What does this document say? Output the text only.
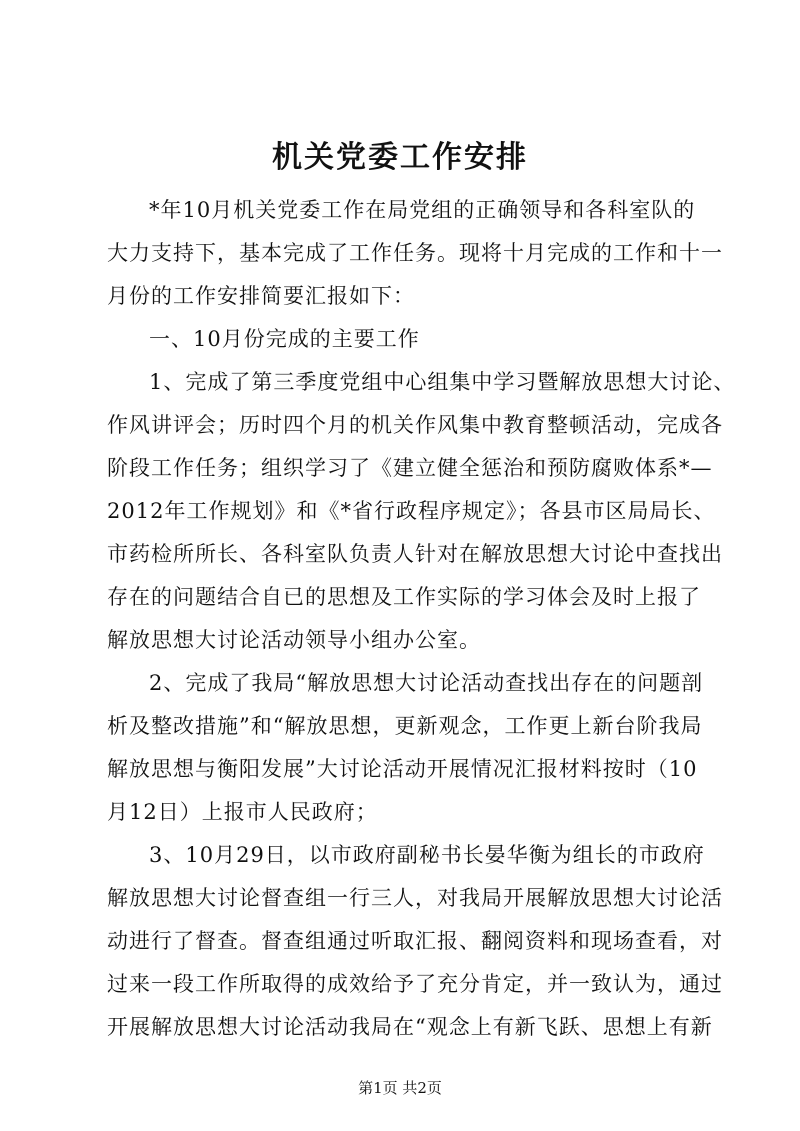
机关党委工作安排
*年10月机关党委工作在局党组的正确领导和各科室队的
大力支持下，基本完成了工作任务。现将十月完成的工作和十一
月份的工作安排简要汇报如下：
一、10月份完成的主要工作
1、完成了第三季度党组中心组集中学习暨解放思想大讨论、
作风讲评会；历时四个月的机关作风集中教育整顿活动，完成各
阶段工作任务；组织学习了《建立健全惩治和预防腐败体系*—
2012年工作规划》和《*省行政程序规定》；各县市区局局长、
市药检所所长、各科室队负责人针对在解放思想大讨论中查找出
存在的问题结合自已的思想及工作实际的学习体会及时上报了
解放思想大讨论活动领导小组办公室。
2、完成了我局“解放思想大讨论活动查找出存在的问题剖
析及整改措施”和“解放思想，更新观念，工作更上新台阶我局
解放思想与衡阳发展”大讨论活动开展情况汇报材料按时（10
月12日）上报市人民政府；
3、10月29日，以市政府副秘书长晏华衡为组长的市政府
解放思想大讨论督查组一行三人，对我局开展解放思想大讨论活
动进行了督查。督查组通过听取汇报、翻阅资料和现场查看，对
过来一段工作所取得的成效给予了充分肯定，并一致认为，通过
开展解放思想大讨论活动我局在“观念上有新飞跃、思想上有新
第1页 共2页
